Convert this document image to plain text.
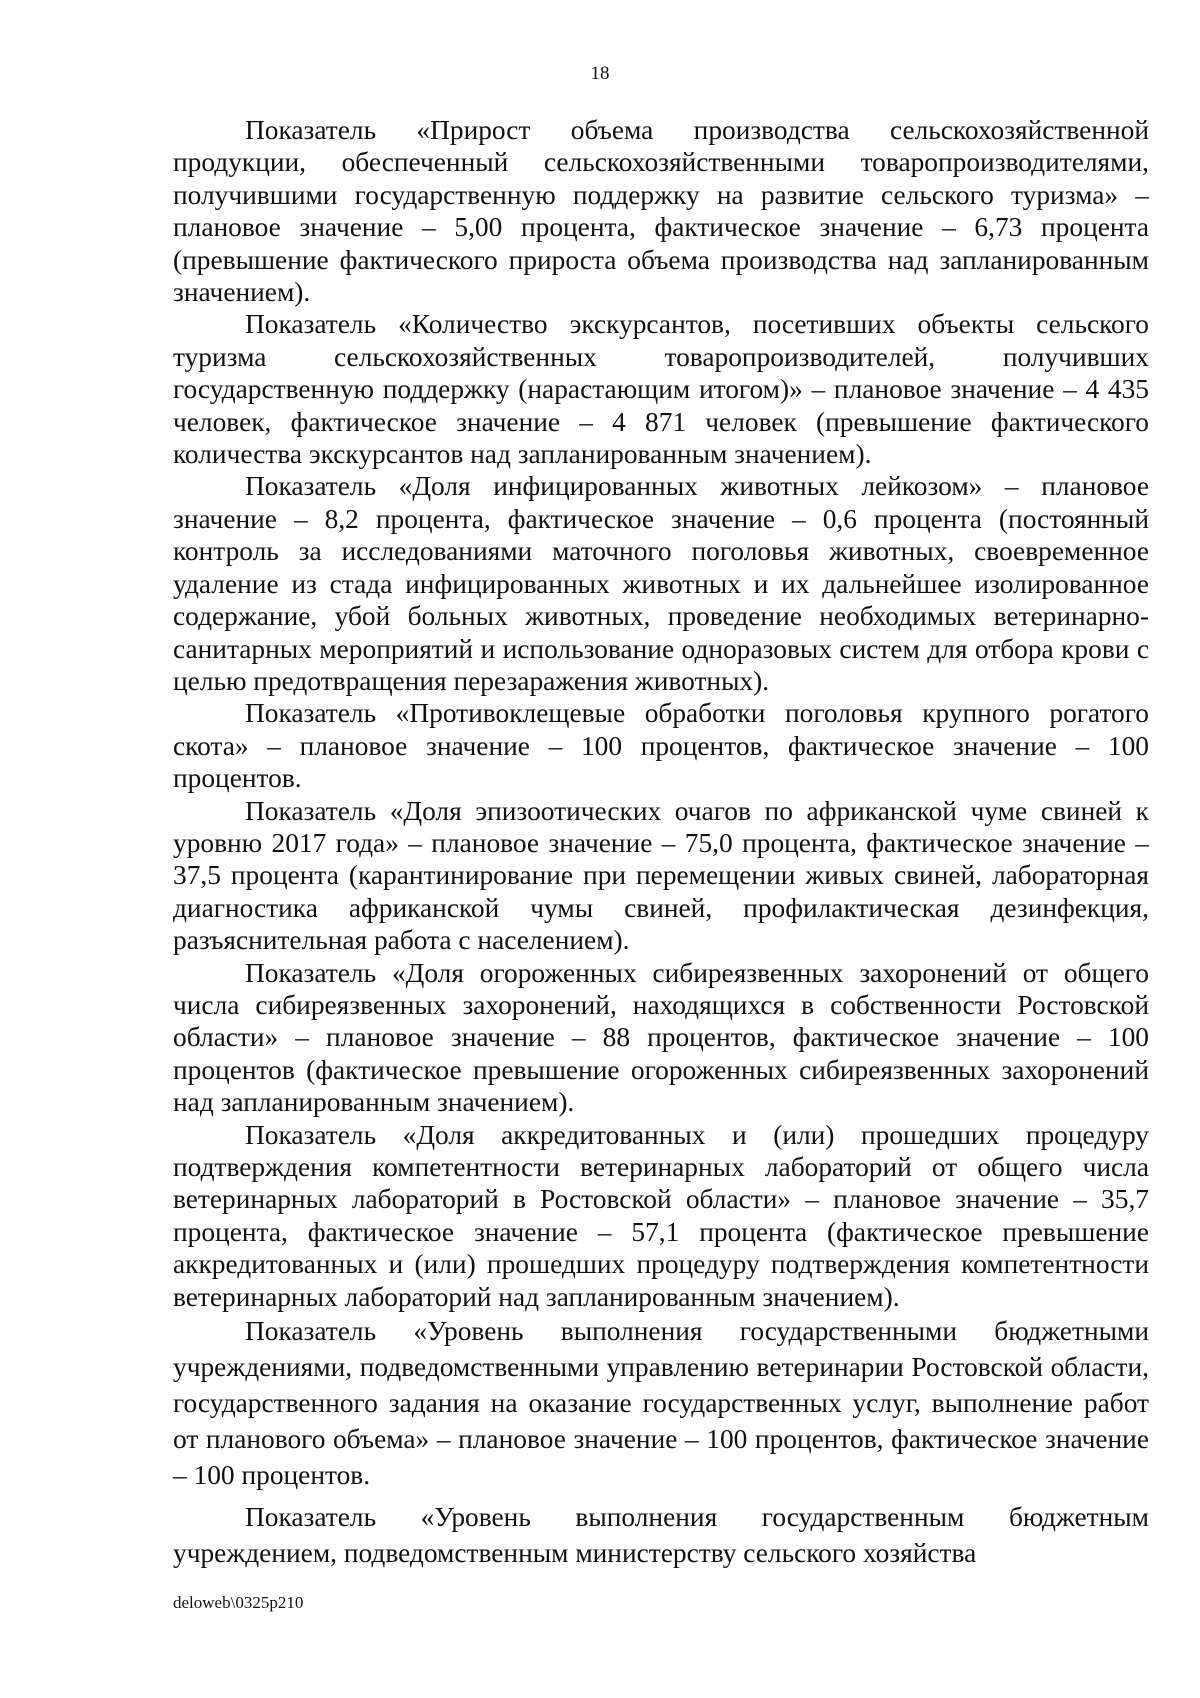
18

Показатель «Прирост объема производства сельскохозяйственной продукции, обеспеченный сельскохозяйственными товаропроизводителями, получившими государственную поддержку на развитие сельского туризма» – плановое значение – 5,00 процента, фактическое значение – 6,73 процента (превышение фактического прироста объема производства над запланированным значением).

Показатель «Количество экскурсантов, посетивших объекты сельского туризма сельскохозяйственных товаропроизводителей, получивших государственную поддержку (нарастающим итогом)» – плановое значение – 4 435 человек, фактическое значение – 4 871 человек (превышение фактического количества экскурсантов над запланированным значением).

Показатель «Доля инфицированных животных лейкозом» – плановое значение – 8,2 процента, фактическое значение – 0,6 процента (постоянный контроль за исследованиями маточного поголовья животных, своевременное удаление из стада инфицированных животных и их дальнейшее изолированное содержание, убой больных животных, проведение необходимых ветеринарно-санитарных мероприятий и использование одноразовых систем для отбора крови с целью предотвращения перезаражения животных).

Показатель «Противоклещевые обработки поголовья крупного рогатого скота» – плановое значение – 100 процентов, фактическое значение – 100 процентов.

Показатель «Доля эпизоотических очагов по африканской чуме свиней к уровню 2017 года» – плановое значение – 75,0 процента, фактическое значение – 37,5 процента (карантинирование при перемещении живых свиней, лабораторная диагностика африканской чумы свиней, профилактическая дезинфекция, разъяснительная работа с населением).

Показатель «Доля огороженных сибиреязвенных захоронений от общего числа сибиреязвенных захоронений, находящихся в собственности Ростовской области» – плановое значение – 88 процентов, фактическое значение – 100 процентов (фактическое превышение огороженных сибиреязвенных захоронений над запланированным значением).

Показатель «Доля аккредитованных и (или) прошедших процедуру подтверждения компетентности ветеринарных лабораторий от общего числа ветеринарных лабораторий в Ростовской области» – плановое значение – 35,7 процента, фактическое значение – 57,1 процента (фактическое превышение аккредитованных и (или) прошедших процедуру подтверждения компетентности ветеринарных лабораторий над запланированным значением).

Показатель «Уровень выполнения государственными бюджетными учреждениями, подведомственными управлению ветеринарии Ростовской области, государственного задания на оказание государственных услуг, выполнение работ от планового объема» – плановое значение – 100 процентов, фактическое значение – 100 процентов.

Показатель «Уровень выполнения государственным бюджетным учреждением, подведомственным министерству сельского хозяйства

deloweb\0325p210
